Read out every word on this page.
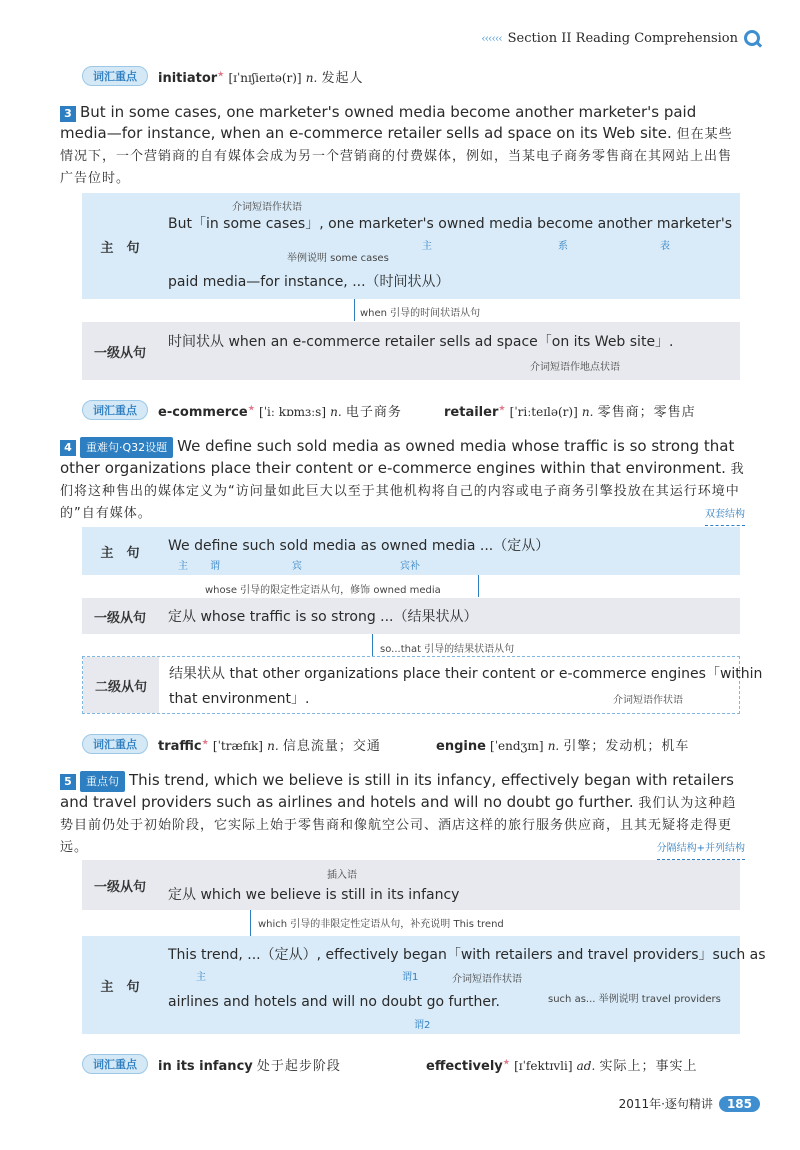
‹‹‹‹‹‹ Section II Reading Comprehension
词汇重点	initiator★ [ɪˈnɪʃieɪtə(r)] n. 发起人
3 But in some cases, one marketer's owned media become another marketer's paid media—for instance, when an e-commerce retailer sells ad space on its Web site. 但在某些情况下，一个营销商的自有媒体会成为另一个营销商的付费媒体，例如，当某电子商务零售商在其网站上出售广告位时。
主　句
介词短语作状语
But「in some cases」, one marketer's owned media become another marketer's
主	系	表
举例说明 some cases
paid media—for instance, ...（时间状从）
when 引导的时间状语从句
一级从句
时间状从 when an e-commerce retailer sells ad space「on its Web site」.
介词短语作地点状语
词汇重点	e-commerce★ [ˈiː kɒmɜːs] n. 电子商务	retailer★ [ˈriːteɪlə(r)] n. 零售商；零售店
4 重难句·Q32设题 We define such sold media as owned media whose traffic is so strong that other organizations place their content or e-commerce engines within that environment. 我们将这种售出的媒体定义为“访问量如此巨大以至于其他机构将自己的内容或电子商务引擎投放在其运行环境中的”自有媒体。	双套结构
主　句	We define such sold media as owned media ...（定从）
主 谓	宾	宾补
whose 引导的限定性定语从句，修饰 owned media
一级从句	定从 whose traffic is so strong ...（结果状从）
so...that 引导的结果状语从句
二级从句
结果状从 that other organizations place their content or e-commerce engines「within
that environment」.	介词短语作状语
词汇重点	traffic★ [ˈtræfɪk] n. 信息流量；交通	engine [ˈendʒɪn] n. 引擎；发动机；机车
5 重点句 This trend, which we believe is still in its infancy, effectively began with retailers and travel providers such as airlines and hotels and will no doubt go further. 我们认为这种趋势目前仍处于初始阶段，它实际上始于零售商和像航空公司、酒店这样的旅行服务供应商，且其无疑将走得更远。	分隔结构+并列结构
一级从句
插入语
定从 which we believe is still in its infancy
which 引导的非限定性定语从句，补充说明 This trend
主　句
This trend, ...（定从）, effectively began「with retailers and travel providers」such as
主	谓1	介词短语作状语
airlines and hotels and will no doubt go further.	such as... 举例说明 travel providers
谓2
词汇重点	in its infancy 处于起步阶段	effectively★ [ɪˈfektɪvli] ad. 实际上；事实上
2011年·逐句精讲	185
